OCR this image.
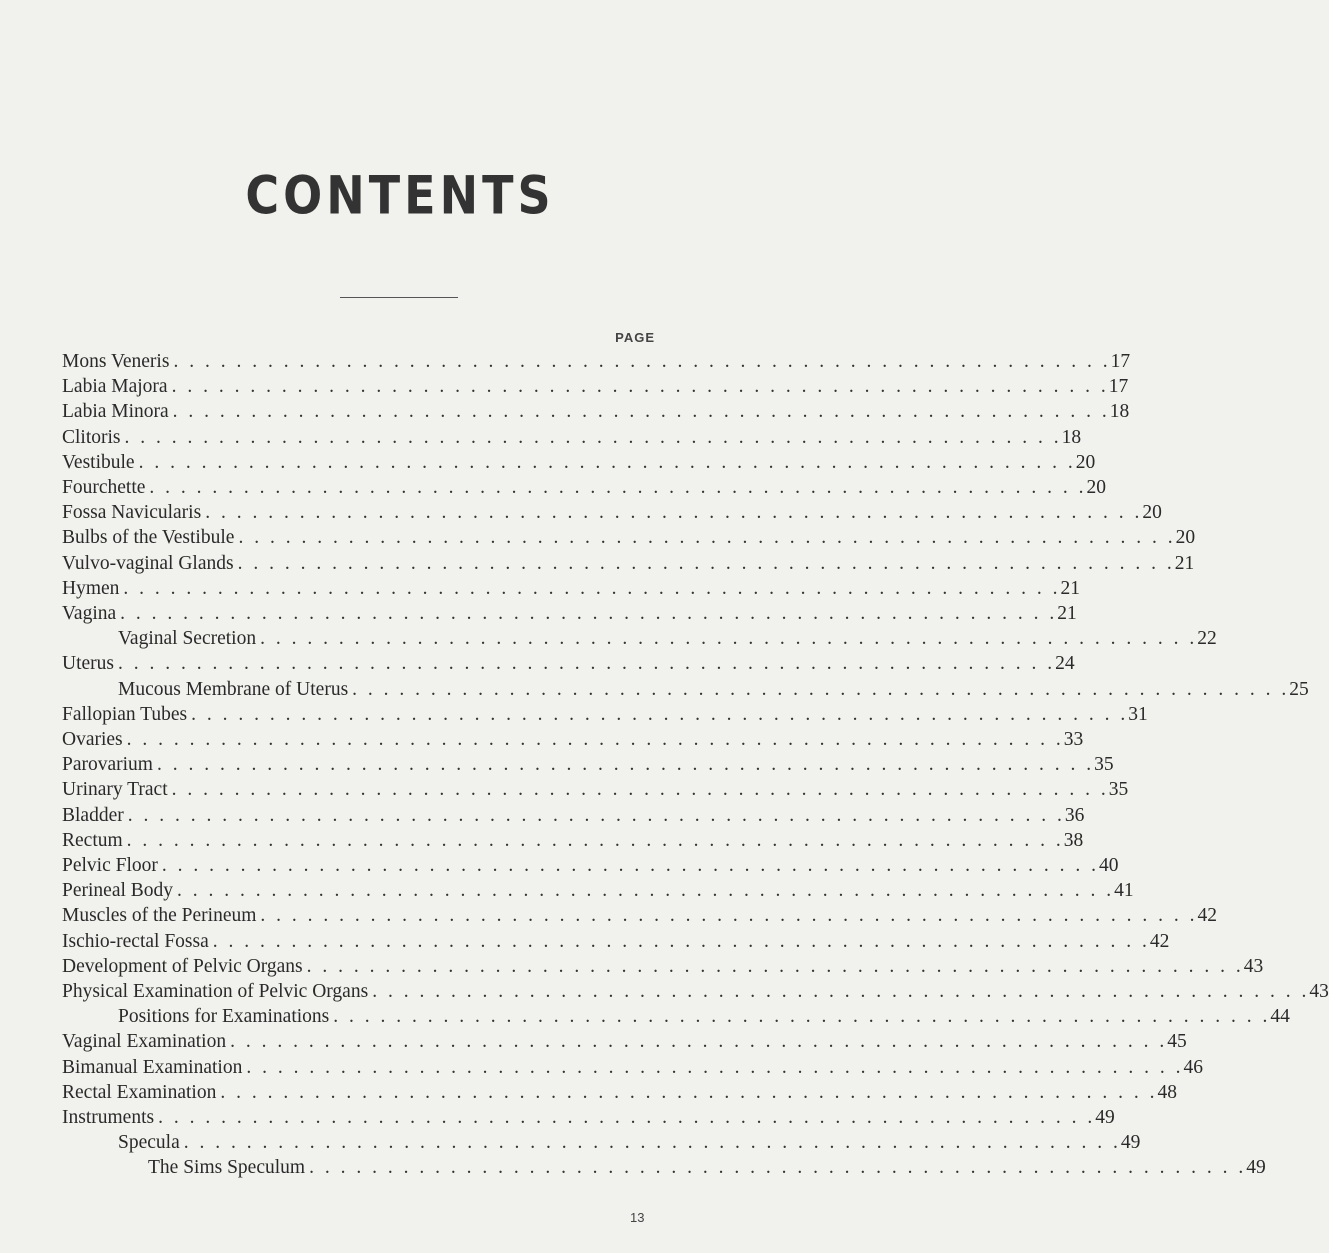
CONTENTS
PAGE
Mons Veneris . . . . . . . . . . . . . . . . . . . . . . . . . . . . . . . . . . . . . . . . . . . . . . . . . . . . . . . . . . . . 17
Labia Majora . . . . . . . . . . . . . . . . . . . . . . . . . . . . . . . . . . . . . . . . . . . . . . . . . . . . . . . . . . . . 17
Labia Minora . . . . . . . . . . . . . . . . . . . . . . . . . . . . . . . . . . . . . . . . . . . . . . . . . . . . . . . . . . . . 18
Clitoris . . . . . . . . . . . . . . . . . . . . . . . . . . . . . . . . . . . . . . . . . . . . . . . . . . . . . . . . . . . . 18
Vestibule . . . . . . . . . . . . . . . . . . . . . . . . . . . . . . . . . . . . . . . . . . . . . . . . . . . . . . . . . . . . 20
Fourchette . . . . . . . . . . . . . . . . . . . . . . . . . . . . . . . . . . . . . . . . . . . . . . . . . . . . . . . . . . . . 20
Fossa Navicularis . . . . . . . . . . . . . . . . . . . . . . . . . . . . . . . . . . . . . . . . . . . . . . . . . . . . . . . . . . . . 20
Bulbs of the Vestibule . . . . . . . . . . . . . . . . . . . . . . . . . . . . . . . . . . . . . . . . . . . . . . . . . . . . . . . . . . . . 20
Vulvo-vaginal Glands . . . . . . . . . . . . . . . . . . . . . . . . . . . . . . . . . . . . . . . . . . . . . . . . . . . . . . . . . . . . 21
Hymen . . . . . . . . . . . . . . . . . . . . . . . . . . . . . . . . . . . . . . . . . . . . . . . . . . . . . . . . . . . . 21
Vagina . . . . . . . . . . . . . . . . . . . . . . . . . . . . . . . . . . . . . . . . . . . . . . . . . . . . . . . . . . . . 21
Vaginal Secretion . . . . . . . . . . . . . . . . . . . . . . . . . . . . . . . . . . . . . . . . . . . . . . . . . . . . . . . . . . . . 22
Uterus . . . . . . . . . . . . . . . . . . . . . . . . . . . . . . . . . . . . . . . . . . . . . . . . . . . . . . . . . . . . 24
Mucous Membrane of Uterus . . . . . . . . . . . . . . . . . . . . . . . . . . . . . . . . . . . . . . . . . . . . . . . . . . . . . . . . . . . . 25
Fallopian Tubes . . . . . . . . . . . . . . . . . . . . . . . . . . . . . . . . . . . . . . . . . . . . . . . . . . . . . . . . . . . . 31
Ovaries . . . . . . . . . . . . . . . . . . . . . . . . . . . . . . . . . . . . . . . . . . . . . . . . . . . . . . . . . . . . 33
Parovarium . . . . . . . . . . . . . . . . . . . . . . . . . . . . . . . . . . . . . . . . . . . . . . . . . . . . . . . . . . . . 35
Urinary Tract . . . . . . . . . . . . . . . . . . . . . . . . . . . . . . . . . . . . . . . . . . . . . . . . . . . . . . . . . . . . 35
Bladder . . . . . . . . . . . . . . . . . . . . . . . . . . . . . . . . . . . . . . . . . . . . . . . . . . . . . . . . . . . . 36
Rectum . . . . . . . . . . . . . . . . . . . . . . . . . . . . . . . . . . . . . . . . . . . . . . . . . . . . . . . . . . . . 38
Pelvic Floor . . . . . . . . . . . . . . . . . . . . . . . . . . . . . . . . . . . . . . . . . . . . . . . . . . . . . . . . . . . . 40
Perineal Body . . . . . . . . . . . . . . . . . . . . . . . . . . . . . . . . . . . . . . . . . . . . . . . . . . . . . . . . . . . . 41
Muscles of the Perineum . . . . . . . . . . . . . . . . . . . . . . . . . . . . . . . . . . . . . . . . . . . . . . . . . . . . . . . . . . . . 42
Ischio-rectal Fossa . . . . . . . . . . . . . . . . . . . . . . . . . . . . . . . . . . . . . . . . . . . . . . . . . . . . . . . . . . . . 42
Development of Pelvic Organs . . . . . . . . . . . . . . . . . . . . . . . . . . . . . . . . . . . . . . . . . . . . . . . . . . . . . . . . . . . . 43
Physical Examination of Pelvic Organs . . . . . . . . . . . . . . . . . . . . . . . . . . . . . . . . . . . . . . . . . . . . . . . . . . . . . . . . . . . . 43
Positions for Examinations . . . . . . . . . . . . . . . . . . . . . . . . . . . . . . . . . . . . . . . . . . . . . . . . . . . . . . . . . . . . 44
Vaginal Examination . . . . . . . . . . . . . . . . . . . . . . . . . . . . . . . . . . . . . . . . . . . . . . . . . . . . . . . . . . . . 45
Bimanual Examination . . . . . . . . . . . . . . . . . . . . . . . . . . . . . . . . . . . . . . . . . . . . . . . . . . . . . . . . . . . . 46
Rectal Examination . . . . . . . . . . . . . . . . . . . . . . . . . . . . . . . . . . . . . . . . . . . . . . . . . . . . . . . . . . . . 48
Instruments . . . . . . . . . . . . . . . . . . . . . . . . . . . . . . . . . . . . . . . . . . . . . . . . . . . . . . . . . . . . 49
Specula . . . . . . . . . . . . . . . . . . . . . . . . . . . . . . . . . . . . . . . . . . . . . . . . . . . . . . . . . . . . 49
The Sims Speculum . . . . . . . . . . . . . . . . . . . . . . . . . . . . . . . . . . . . . . . . . . . . . . . . . . . . . . . . . . . . 49
13
